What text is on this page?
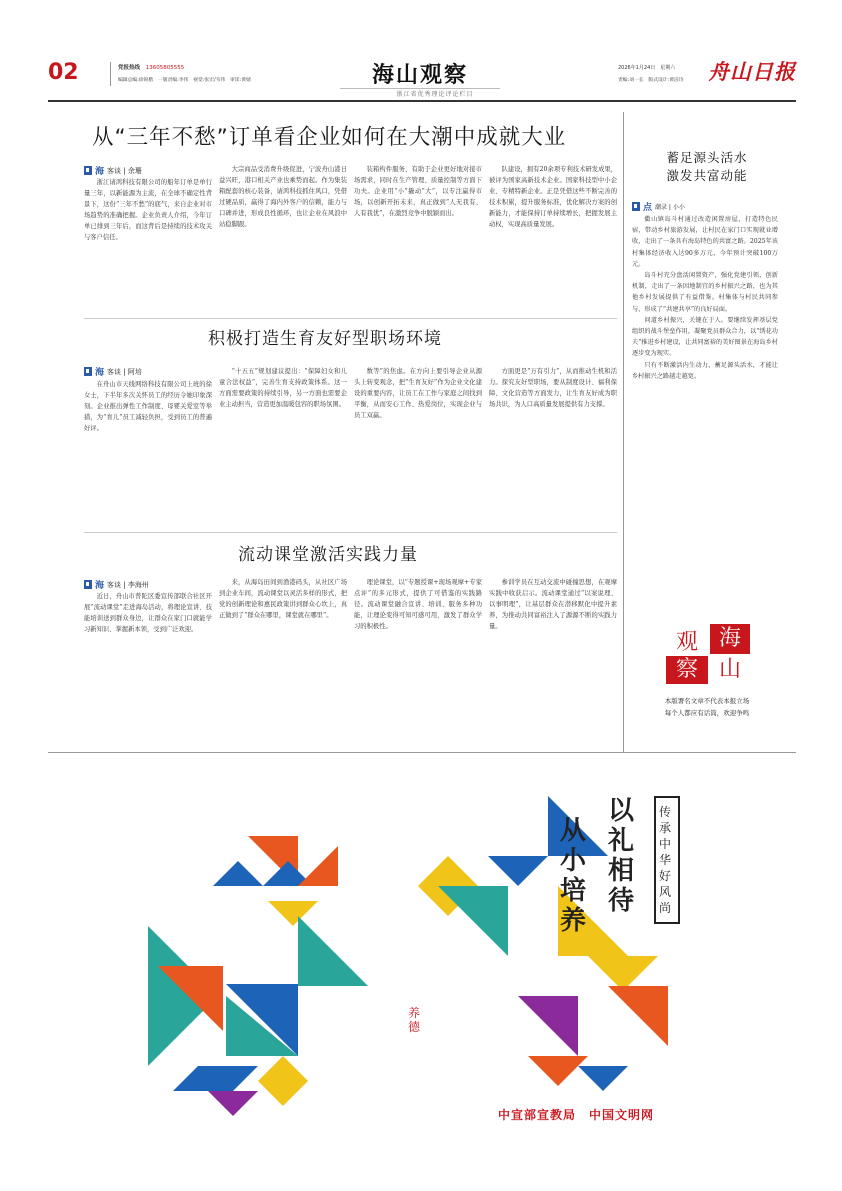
02	党报热线 13605805555
编辑总编:徐锐楷　一版责编:李伟　视觉:张宏/韦伟　审读:黄婧	海山观察
浙江省优秀理论评论栏目
2026年1月24日　星期六
责编:刘一长　版式设计:黄洁诗 舟山日报
从“三年不愁”订单看企业如何在大潮中成就大业
海 客谈 | 余珊

浙江请鸿科技有限公司的船年订单是单行量三年，以新能源为主流，在全球不确定性背景下，这份“三年不愁”的底气，来自企业对市场趋势的准确把握。企业负责人介绍，今年订单已排到三年后，而这背后是持续的技术攻关与客户信任。

大宗商品受消费升级促进，宁波舟山港日益兴旺，港口相关产业也乘势而起。作为集装箱配套的核心装备，请鸿科技抓住风口，凭借过硬品质，赢得了海内外客户的信赖，能力与口碑并进，形成良性循环，也让企业在风浪中站稳脚跟。

装箱构件服务，有助于企业更好地对接市场需求，同时在生产管理、质量控制等方面下功夫。企业用“小”撬动“大”，以专注赢得市场，以创新开拓未来，真正做到“人无我有、人有我优”，在激烈竞争中脱颖而出。

队建设，拥有20余项专利技术研发成果，被评为国家高新技术企业。国家科技型中小企业、专精特新企业。正是凭借这些不断完善的技术积累，提升服务标准，优化解决方案的创新能力，才能保持订单持续增长，把握发展主动权，实现高质量发展。

积极打造生育友好型职场环境
海 客谈 | 阿培

在舟山市天线网络科技有限公司上班的徐女士，下半年多次关怀员工的经历令她印象深刻。企业推出弹性工作制度、母婴关爱室等举措，为“育儿”员工减轻负担，受到员工的普遍好评。

“十五五”规划建议提出：“保障妇女和儿童合法权益”，完善生育支持政策体系。这一方面需要政策的持续引导，另一方面也需要企业主动担当，营造更加温暖包容的职场氛围。

数等”的焦虑。在方向上要引导企业从源头上转变观念，把“生育友好”作为企业文化建设的重要内容，让员工在工作与家庭之间找到平衡，从而安心工作、热爱岗位，实现企业与员工双赢。

方面更是“万有引力”，从而推动生机和活力。探究友好型职场，要从制度设计、福利保障、文化营造等方面发力，让生育友好成为职场共识，为人口高质量发展提供有力支撑。

流动课堂激活实践力量
海 客谈 | 李海州

近日，舟山市普陀区委宣传部联合社区开展“流动课堂”走进海岛活动，将理论宣讲、技能培训送到群众身边，让群众在家门口就能学习新知识、掌握新本领，受到广泛欢迎。

来，从海岛田间到渔港码头，从社区广场到企业车间，流动课堂以灵活多样的形式，把党的创新理论和惠民政策讲到群众心坎上，真正做到了“群众在哪里，课堂就在哪里”。

理论课堂，以“专题授课+现场观摩+专家点评”的多元形式，提供了可借鉴的实践路径。流动课堂融合宣讲、培训、服务多种功能，让理论变得可知可感可用，激发了群众学习的积极性。

参训学员在互动交流中碰撞思想，在观摩实践中收获启示。流动课堂通过“以案说理、以事明理”，让基层群众在潜移默化中提升素养，为推动共同富裕注入了源源不断的实践力量。

蓄足源头活水
激发共富动能
点 潮录 | 小小

衢山镇岛斗村通过改造闲置房屋、打造特色民宿，带动乡村旅游发展，让村民在家门口实现就业增收，走出了一条具有海岛特色的共富之路。2025年该村集体经济收入达90多万元，今年预计突破100万元。

岛斗村充分盘活闲置资产，强化党建引领，创新机制，走出了一条因地制宜的乡村振兴之路，也为其他乡村发展提供了有益借鉴。村集体与村民共同参与，形成了“共建共享”的良好局面。

问道乡村振兴，关键在于人。要继续发挥基层党组织的战斗堡垒作用，凝聚党员群众合力，以“绣花功夫”推进乡村建设，让共同富裕的美好图景在海岛乡村逐步变为现实。

只有不断激活内生动力，蓄足源头活水，才能让乡村振兴之路越走越宽。

海
观
山
察
本版署名文章不代表本报立场
每个人都应有话筒，欢迎争鸣
以礼相待
从小培养
传承中华好风尚
养德
中宣部宣教局　中国文明网
